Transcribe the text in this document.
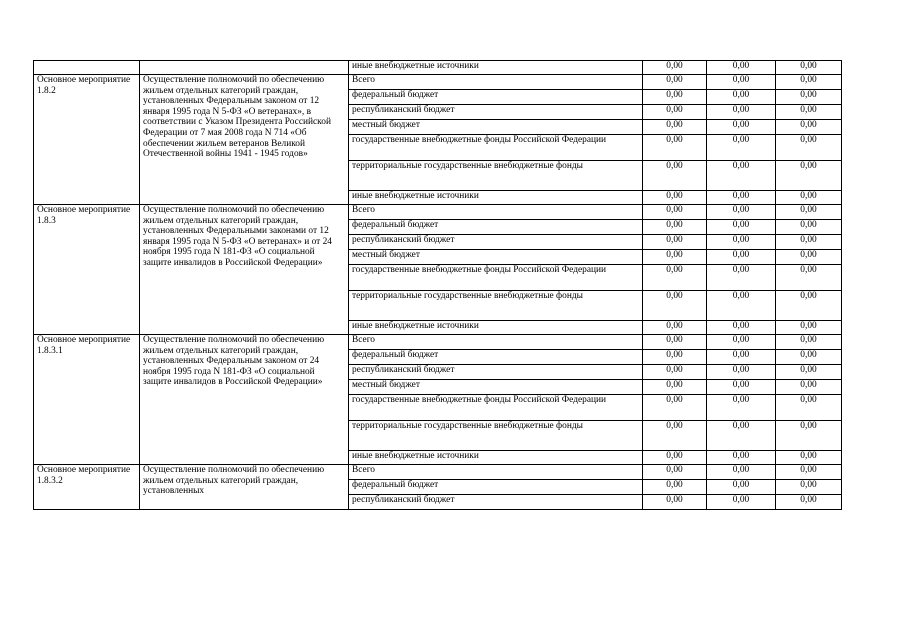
		иные внебюджетные источники	0,00	0,00	0,00
Основное мероприятие 1.8.2	Осуществление полномочий по обеспечению жильем отдельных категорий граждан, установленных Федеральным законом от 12 января 1995 года N 5-ФЗ «О ветеранах», в соответствии с Указом Президента Российской Федерации от 7 мая 2008 года N 714 «Об обеспечении жильем ветеранов Великой Отечественной войны 1941 - 1945 годов»	Всего	0,00	0,00	0,00
		федеральный бюджет	0,00	0,00	0,00
		республиканский бюджет	0,00	0,00	0,00
		местный бюджет	0,00	0,00	0,00
		государственные внебюджетные фонды Российской Федерации	0,00	0,00	0,00
		территориальные государственные внебюджетные фонды	0,00	0,00	0,00
		иные внебюджетные источники	0,00	0,00	0,00
Основное мероприятие 1.8.3	Осуществление полномочий по обеспечению жильем отдельных категорий граждан, установленных Федеральными законами от 12 января 1995 года N 5-ФЗ «О ветеранах» и от 24 ноября 1995 года N 181-ФЗ «О социальной защите инвалидов в Российской Федерации»	Всего	0,00	0,00	0,00
		федеральный бюджет	0,00	0,00	0,00
		республиканский бюджет	0,00	0,00	0,00
		местный бюджет	0,00	0,00	0,00
		государственные внебюджетные фонды Российской Федерации	0,00	0,00	0,00
		территориальные государственные внебюджетные фонды	0,00	0,00	0,00
		иные внебюджетные источники	0,00	0,00	0,00
Основное мероприятие 1.8.3.1	Осуществление полномочий по обеспечению жильем отдельных категорий граждан, установленных Федеральным законом от 24 ноября 1995 года N 181-ФЗ «О социальной защите инвалидов в Российской Федерации»	Всего	0,00	0,00	0,00
		федеральный бюджет	0,00	0,00	0,00
		республиканский бюджет	0,00	0,00	0,00
		местный бюджет	0,00	0,00	0,00
		государственные внебюджетные фонды Российской Федерации	0,00	0,00	0,00
		территориальные государственные внебюджетные фонды	0,00	0,00	0,00
		иные внебюджетные источники	0,00	0,00	0,00
Основное мероприятие 1.8.3.2	Осуществление полномочий по обеспечению жильем отдельных категорий граждан, установленных	Всего	0,00	0,00	0,00
		федеральный бюджет	0,00	0,00	0,00
		республиканский бюджет	0,00	0,00	0,00
